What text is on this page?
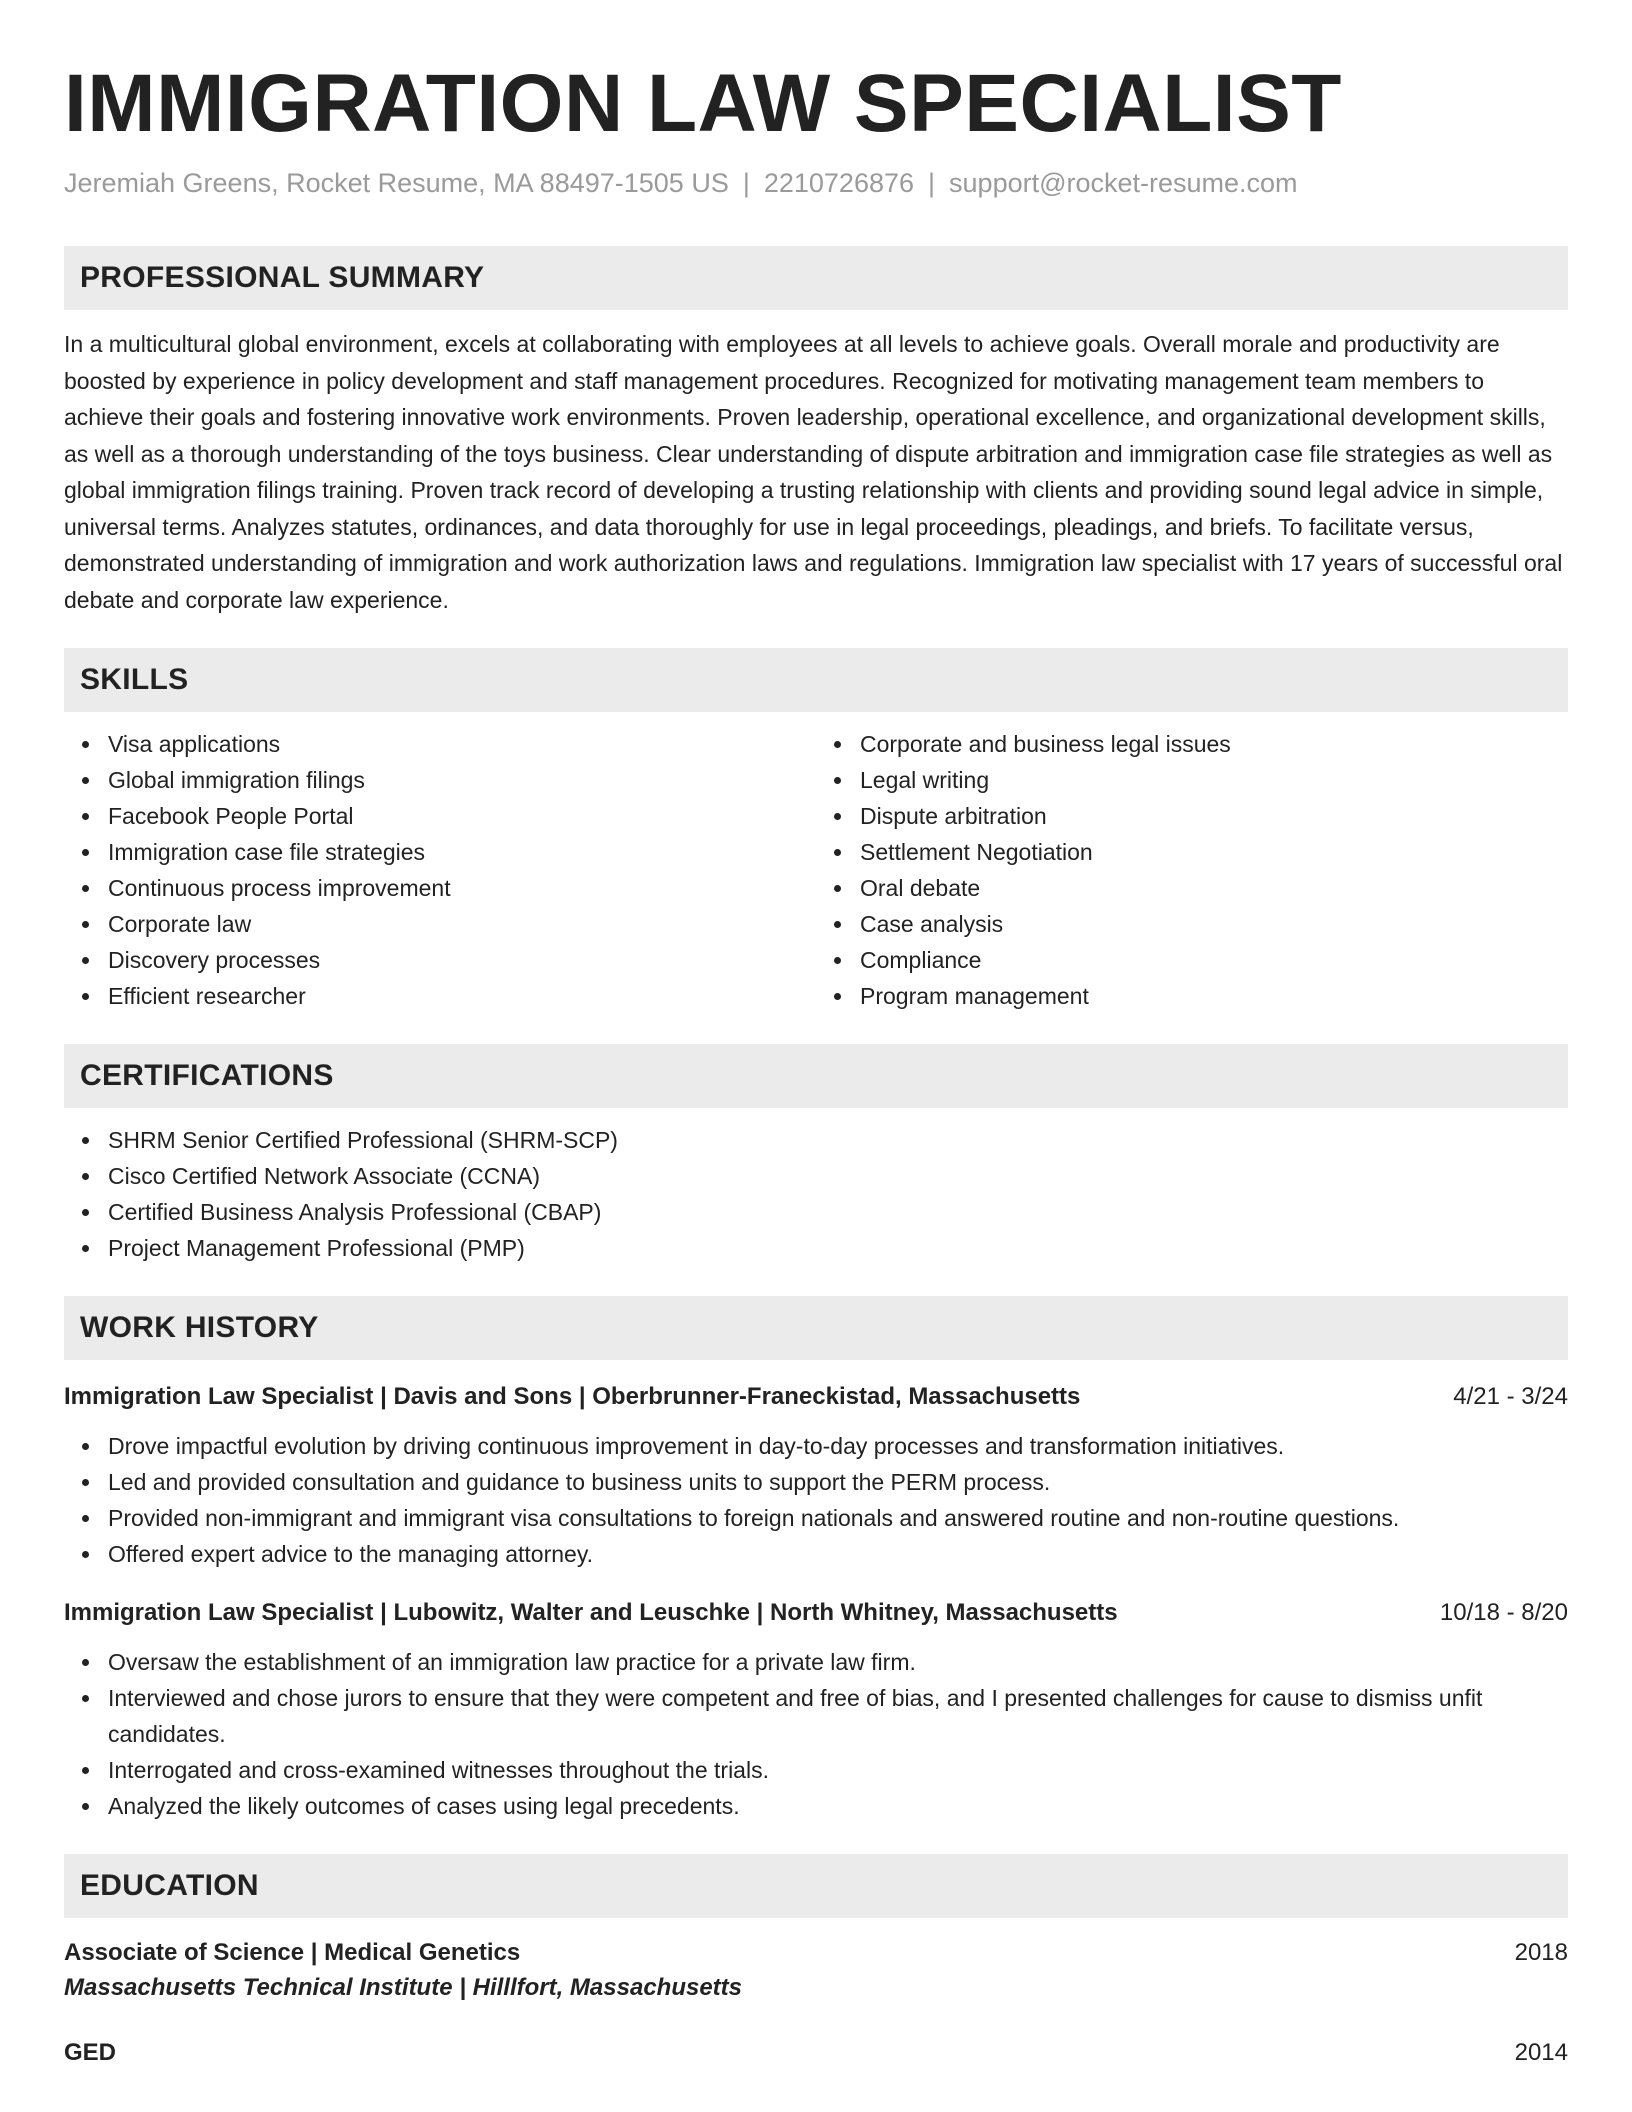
IMMIGRATION LAW SPECIALIST
Jeremiah Greens, Rocket Resume, MA 88497-1505 US | 2210726876 | support@rocket-resume.com
PROFESSIONAL SUMMARY

In a multicultural global environment, excels at collaborating with employees at all levels to achieve goals. Overall morale and productivity are boosted by experience in policy development and staff management procedures. Recognized for motivating management team members to achieve their goals and fostering innovative work environments. Proven leadership, operational excellence, and organizational development skills, as well as a thorough understanding of the toys business. Clear understanding of dispute arbitration and immigration case file strategies as well as global immigration filings training. Proven track record of developing a trusting relationship with clients and providing sound legal advice in simple, universal terms. Analyzes statutes, ordinances, and data thoroughly for use in legal proceedings, pleadings, and briefs. To facilitate versus, demonstrated understanding of immigration and work authorization laws and regulations. Immigration law specialist with 17 years of successful oral debate and corporate law experience.

SKILLS
Visa applications
Global immigration filings
Facebook People Portal
Immigration case file strategies
Continuous process improvement
Corporate law
Discovery processes
Efficient researcher
Corporate and business legal issues
Legal writing
Dispute arbitration
Settlement Negotiation
Oral debate
Case analysis
Compliance
Program management
CERTIFICATIONS
SHRM Senior Certified Professional (SHRM-SCP)
Cisco Certified Network Associate (CCNA)
Certified Business Analysis Professional (CBAP)
Project Management Professional (PMP)
WORK HISTORY
Immigration Law Specialist | Davis and Sons | Oberbrunner-Franeckistad, Massachusetts	4/21 - 3/24
Drove impactful evolution by driving continuous improvement in day-to-day processes and transformation initiatives.
Led and provided consultation and guidance to business units to support the PERM process.
Provided non-immigrant and immigrant visa consultations to foreign nationals and answered routine and non-routine questions.
Offered expert advice to the managing attorney.
Immigration Law Specialist | Lubowitz, Walter and Leuschke | North Whitney, Massachusetts	10/18 - 8/20
Oversaw the establishment of an immigration law practice for a private law firm.
Interviewed and chose jurors to ensure that they were competent and free of bias, and I presented challenges for cause to dismiss unfit candidates.
Interrogated and cross-examined witnesses throughout the trials.
Analyzed the likely outcomes of cases using legal precedents.
EDUCATION
Associate of Science | Medical Genetics	2018
Massachusetts Technical Institute | Hilllfort, Massachusetts
GED	2014
